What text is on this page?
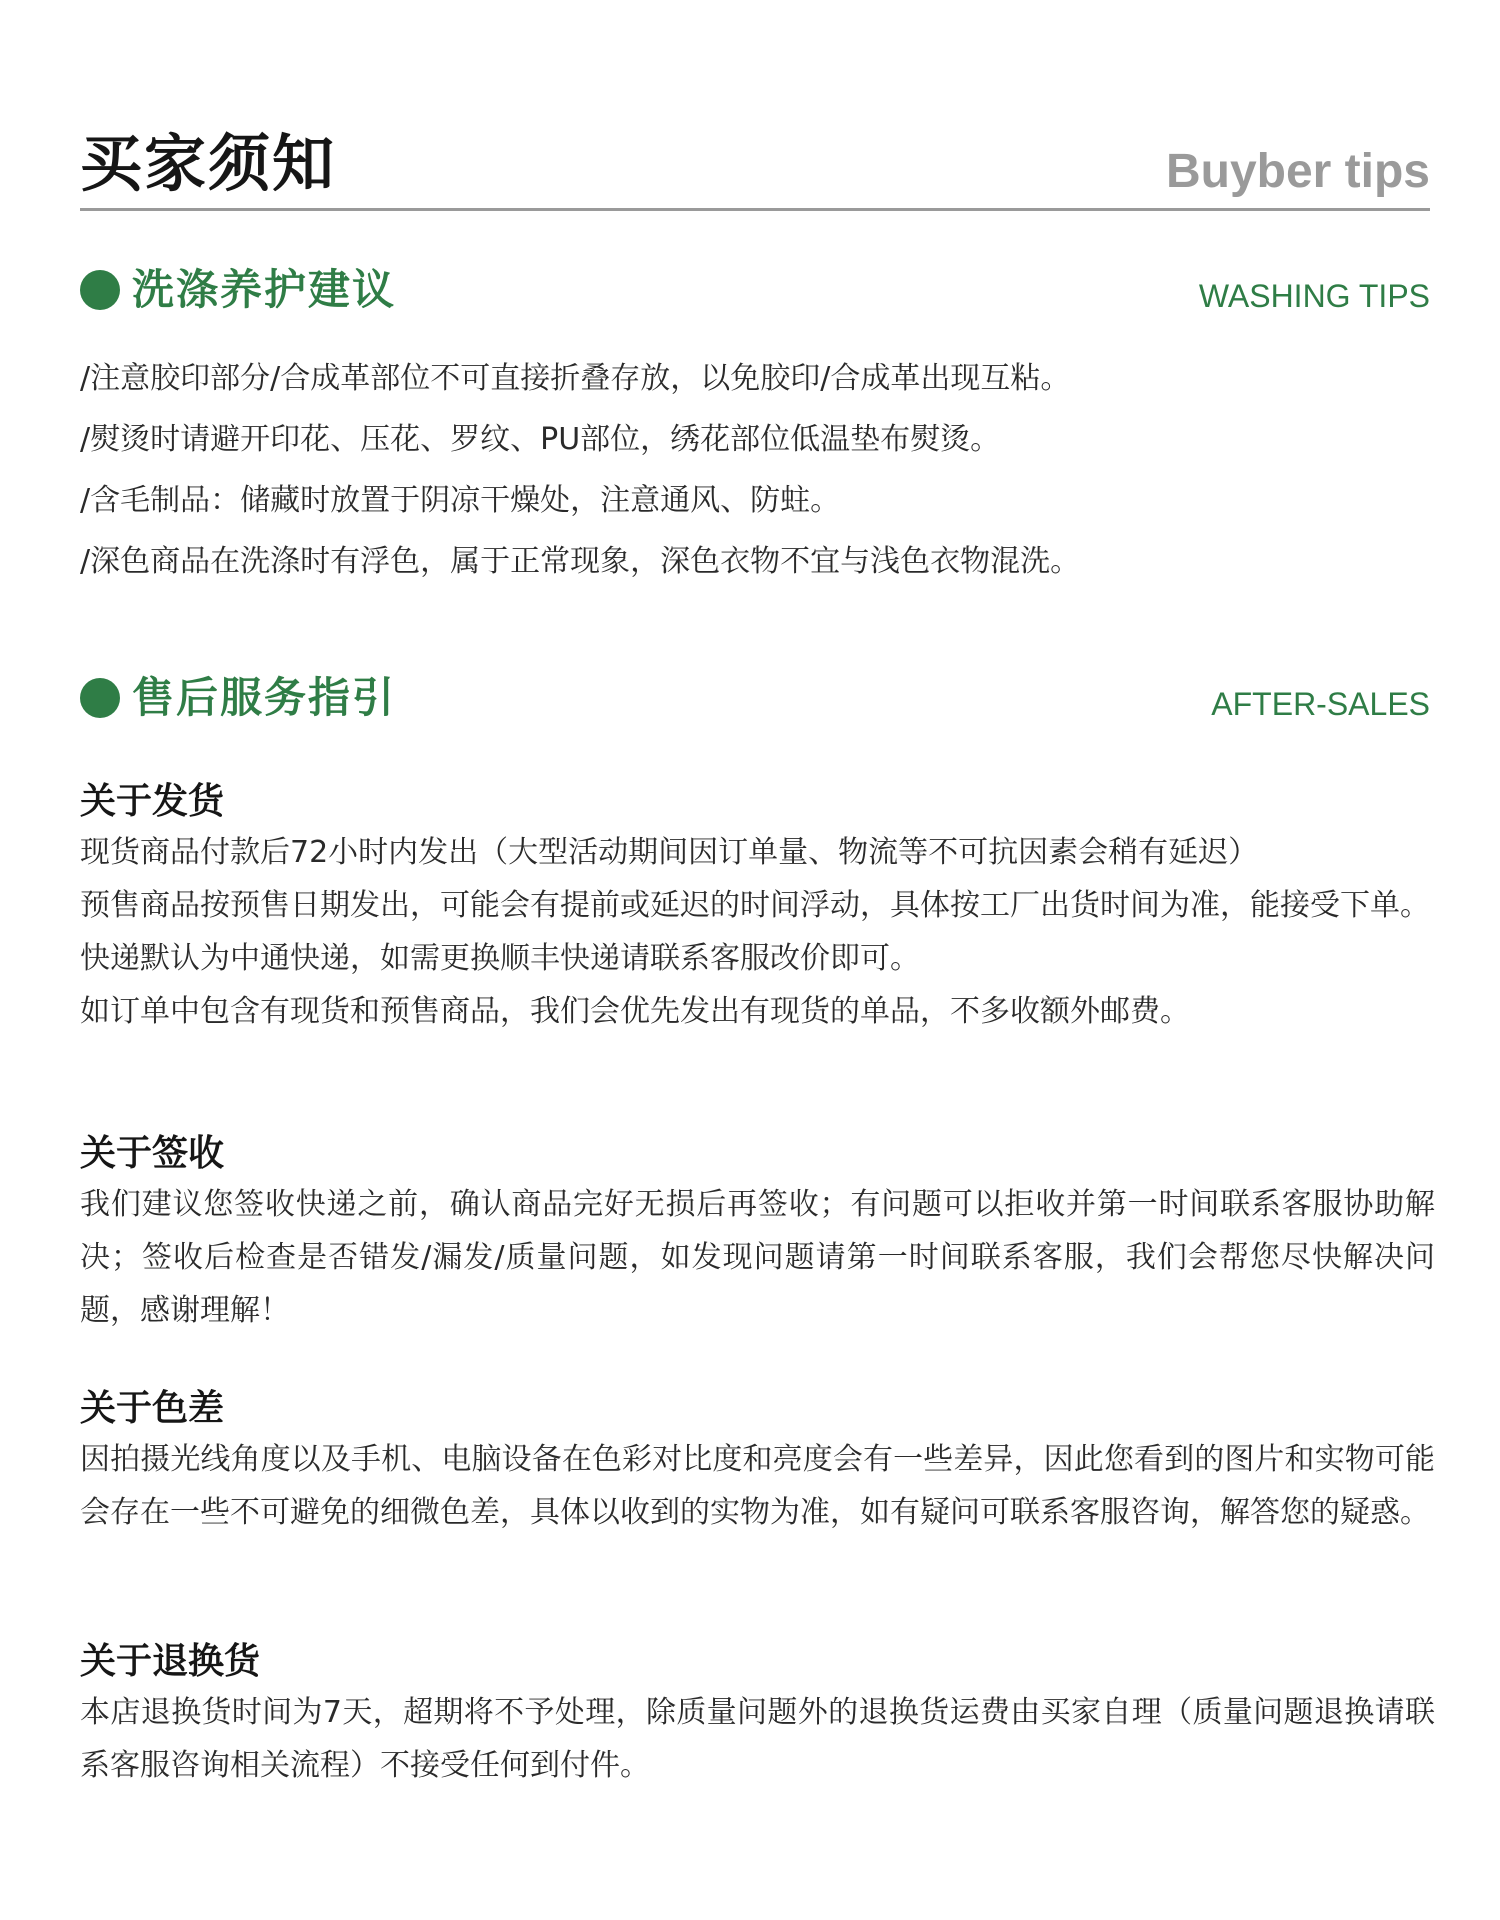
买家须知	Buyber tips
洗涤养护建议	WASHING TIPS
/注意胶印部分/合成革部位不可直接折叠存放，以免胶印/合成革出现互粘。
/熨烫时请避开印花、压花、罗纹、PU部位，绣花部位低温垫布熨烫。
/含毛制品：储藏时放置于阴凉干燥处，注意通风、防蛀。
/深色商品在洗涤时有浮色，属于正常现象，深色衣物不宜与浅色衣物混洗。
售后服务指引	AFTER-SALES
关于发货

现货商品付款后72小时内发出（大型活动期间因订单量、物流等不可抗因素会稍有延迟）

预售商品按预售日期发出，可能会有提前或延迟的时间浮动，具体按工厂出货时间为准，能接受下单。

快递默认为中通快递，如需更换顺丰快递请联系客服改价即可。

如订单中包含有现货和预售商品，我们会优先发出有现货的单品，不多收额外邮费。

关于签收

我们建议您签收快递之前，确认商品完好无损后再签收；有问题可以拒收并第一时间联系客服协助解决；签收后检查是否错发/漏发/质量问题，如发现问题请第一时间联系客服，我们会帮您尽快解决问题，感谢理解！

关于色差

因拍摄光线角度以及手机、电脑设备在色彩对比度和亮度会有一些差异，因此您看到的图片和实物可能会存在一些不可避免的细微色差，具体以收到的实物为准，如有疑问可联系客服咨询，解答您的疑惑。

关于退换货

本店退换货时间为7天，超期将不予处理，除质量问题外的退换货运费由买家自理（质量问题退换请联系客服咨询相关流程）不接受任何到付件。
